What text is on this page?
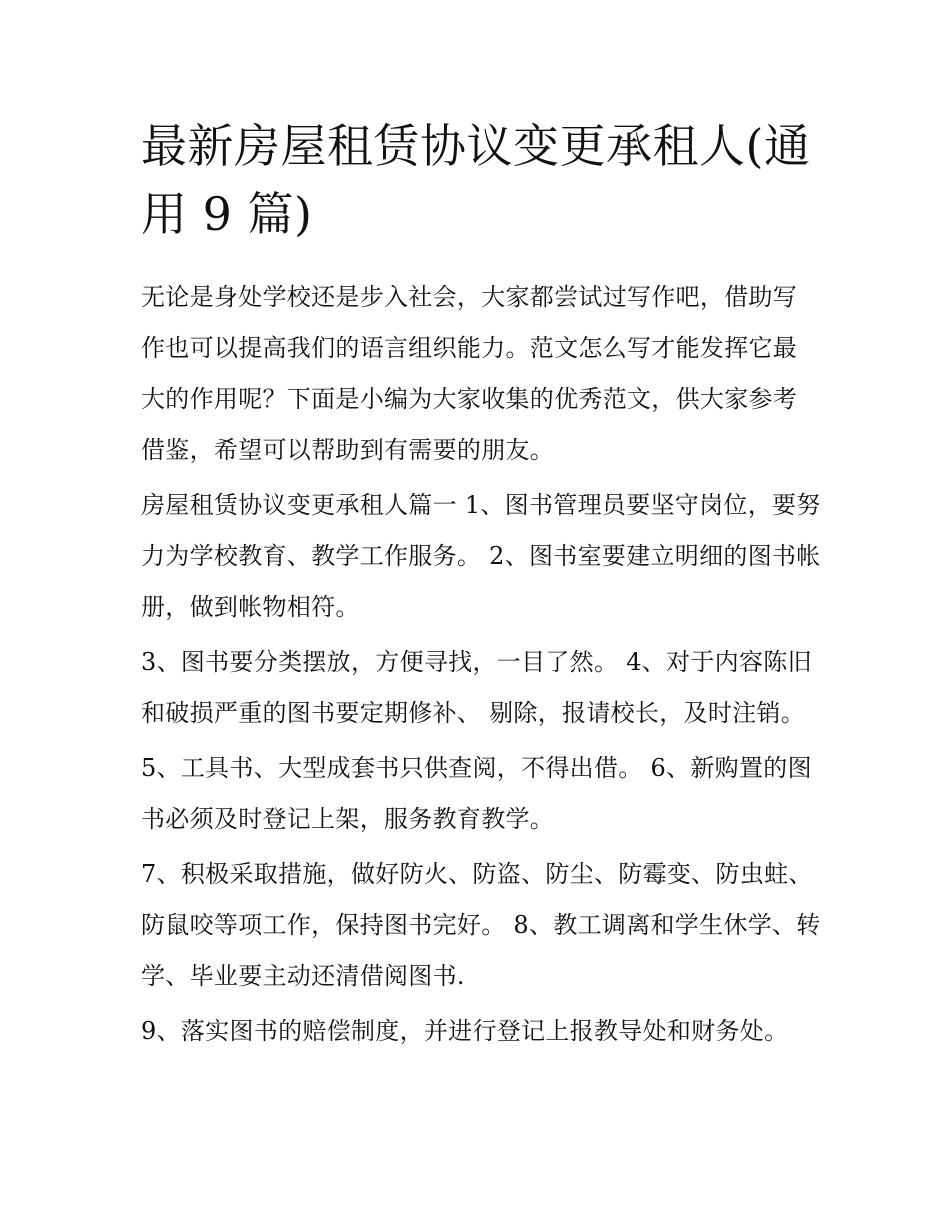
最新房屋租赁协议变更承租人(通用 9 篇)

无论是身处学校还是步入社会，大家都尝试过写作吧，借助写作也可以提高我们的语言组织能力。范文怎么写才能发挥它最大的作用呢？下面是小编为大家收集的优秀范文，供大家参考借鉴，希望可以帮助到有需要的朋友。

房屋租赁协议变更承租人篇一 1、图书管理员要坚守岗位，要努力为学校教育、教学工作服务。 2、图书室要建立明细的图书帐册，做到帐物相符。

3、图书要分类摆放，方便寻找，一目了然。 4、对于内容陈旧和破损严重的图书要定期修补、 剔除，报请校长，及时注销。

5、工具书、大型成套书只供查阅，不得出借。 6、新购置的图书必须及时登记上架，服务教育教学。

7、积极采取措施，做好防火、防盗、防尘、防霉变、防虫蛀、防鼠咬等项工作，保持图书完好。 8、教工调离和学生休学、转学、毕业要主动还清借阅图书.

9、落实图书的赔偿制度，并进行登记上报教导处和财务处。
